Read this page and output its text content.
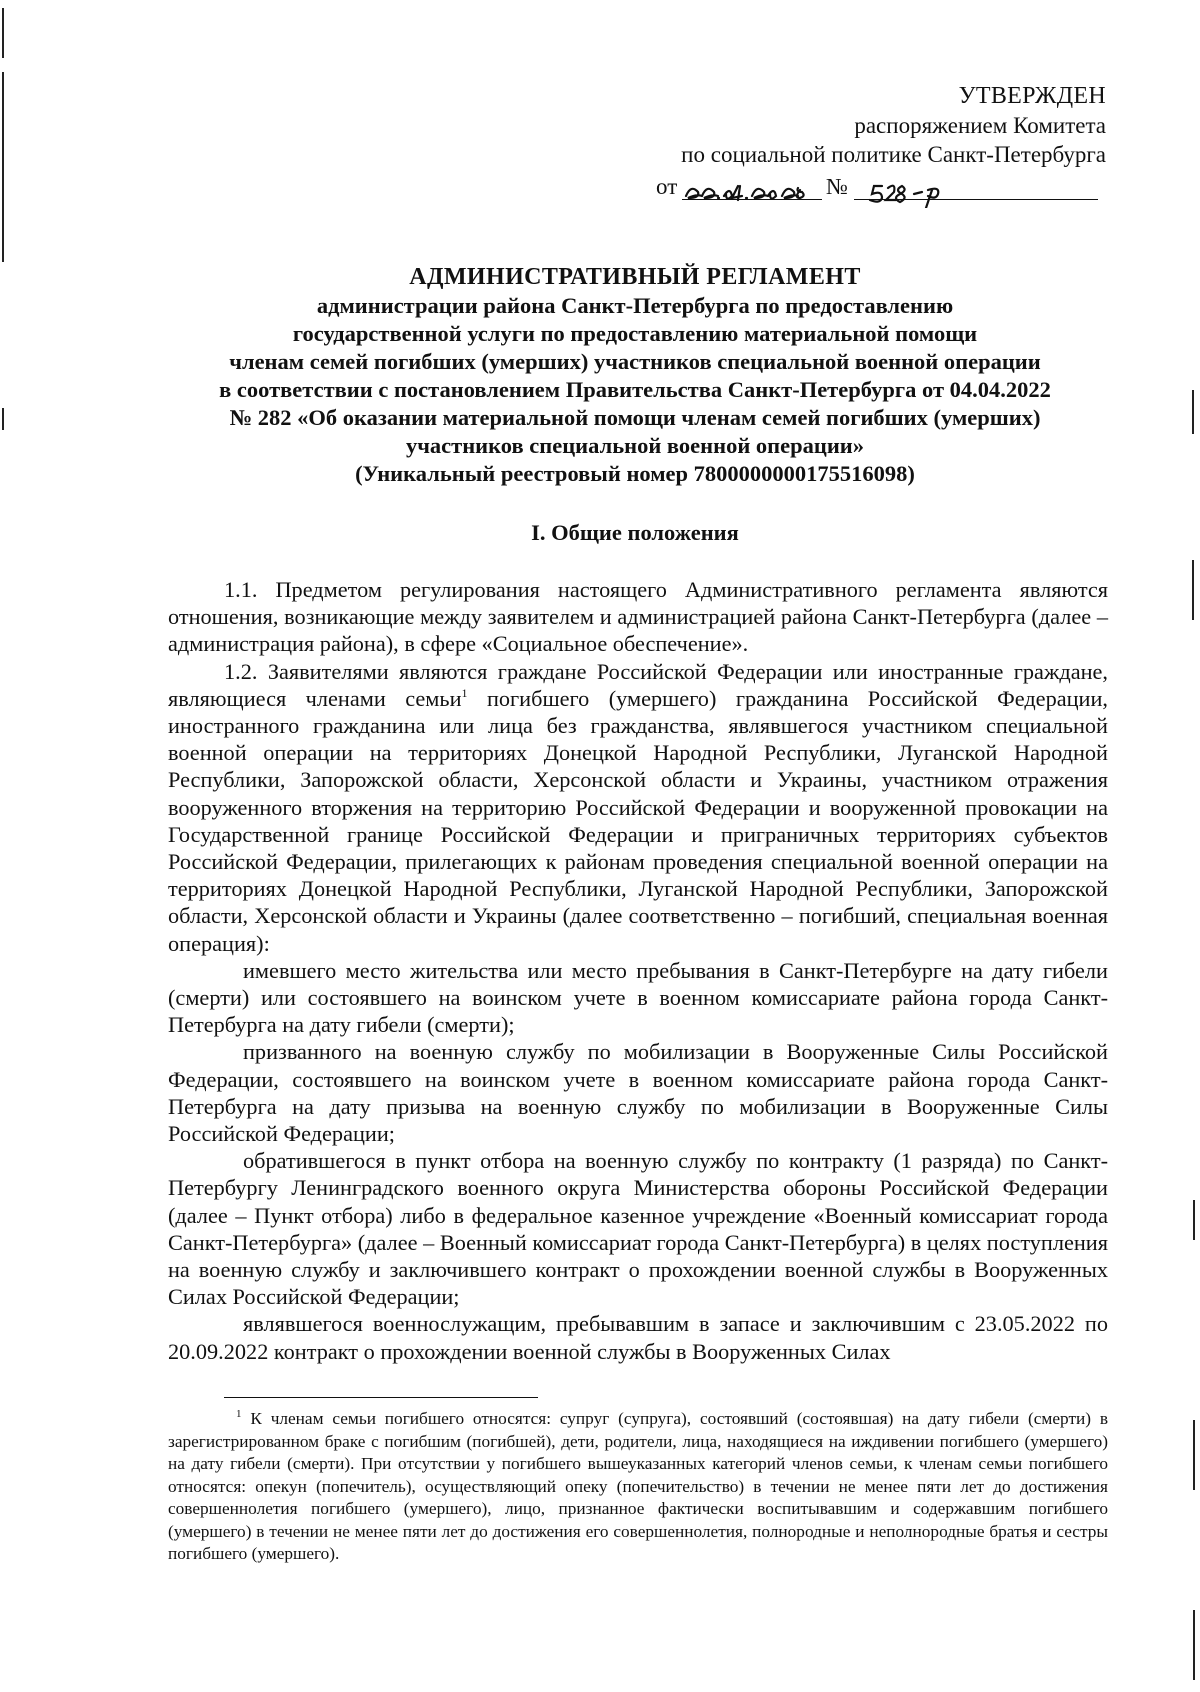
УТВЕРЖДЕН
распоряжением Комитета
по социальной политике Санкт-Петербурга
от	№
АДМИНИСТРАТИВНЫЙ РЕГЛАМЕНТ
администрации района Санкт-Петербурга по предоставлению
государственной услуги по предоставлению материальной помощи
членам семей погибших (умерших) участников специальной военной операции
в соответствии с постановлением Правительства Санкт-Петербурга от 04.04.2022
№ 282 «Об оказании материальной помощи членам семей погибших (умерших)
участников специальной военной операции»
(Уникальный реестровый номер 7800000000175516098)
I. Общие положения

1.1. Предметом регулирования настоящего Административного регламента являются отношения, возникающие между заявителем и администрацией района Санкт-Петербурга (далее – администрация района), в сфере «Социальное обеспечение».

1.2. Заявителями являются граждане Российской Федерации или иностранные граждане, являющиеся членами семьи$^1$ погибшего (умершего) гражданина Российской Федерации, иностранного гражданина или лица без гражданства, являвшегося участником специальной военной операции на территориях Донецкой Народной Республики, Луганской Народной Республики, Запорожской области, Херсонской области и Украины, участником отражения вооруженного вторжения на территорию Российской Федерации и вооруженной провокации на Государственной границе Российской Федерации и приграничных территориях субъектов Российской Федерации, прилегающих к районам проведения специальной военной операции на территориях Донецкой Народной Республики, Луганской Народной Республики, Запорожской области, Херсонской области и Украины (далее соответственно – погибший, специальная военная операция):

имевшего место жительства или место пребывания в Санкт-Петербурге на дату гибели (смерти) или состоявшего на воинском учете в военном комиссариате района города Санкт-Петербурга на дату гибели (смерти);

призванного на военную службу по мобилизации в Вооруженные Силы Российской Федерации, состоявшего на воинском учете в военном комиссариате района города Санкт-Петербурга на дату призыва на военную службу по мобилизации в Вооруженные Силы Российской Федерации;

обратившегося в пункт отбора на военную службу по контракту (1 разряда) по Санкт-Петербургу Ленинградского военного округа Министерства обороны Российской Федерации (далее – Пункт отбора) либо в федеральное казенное учреждение «Военный комиссариат города Санкт-Петербурга» (далее – Военный комиссариат города Санкт-Петербурга) в целях поступления на военную службу и заключившего контракт о прохождении военной службы в Вооруженных Силах Российской Федерации;

являвшегося военнослужащим, пребывавшим в запасе и заключившим с 23.05.2022 по 20.09.2022 контракт о прохождении военной службы в Вооруженных Силах

$^1$ К членам семьи погибшего относятся: супруг (супруга), состоявший (состоявшая) на дату гибели (смерти) в зарегистрированном браке с погибшим (погибшей), дети, родители, лица, находящиеся на иждивении погибшего (умершего) на дату гибели (смерти). При отсутствии у погибшего вышеуказанных категорий членов семьи, к членам семьи погибшего относятся: опекун (попечитель), осуществляющий опеку (попечительство) в течении не менее пяти лет до достижения совершеннолетия погибшего (умершего), лицо, признанное фактически воспитывавшим и содержавшим погибшего (умершего) в течении не менее пяти лет до достижения его совершеннолетия, полнородные и неполнородные братья и сестры погибшего (умершего).
